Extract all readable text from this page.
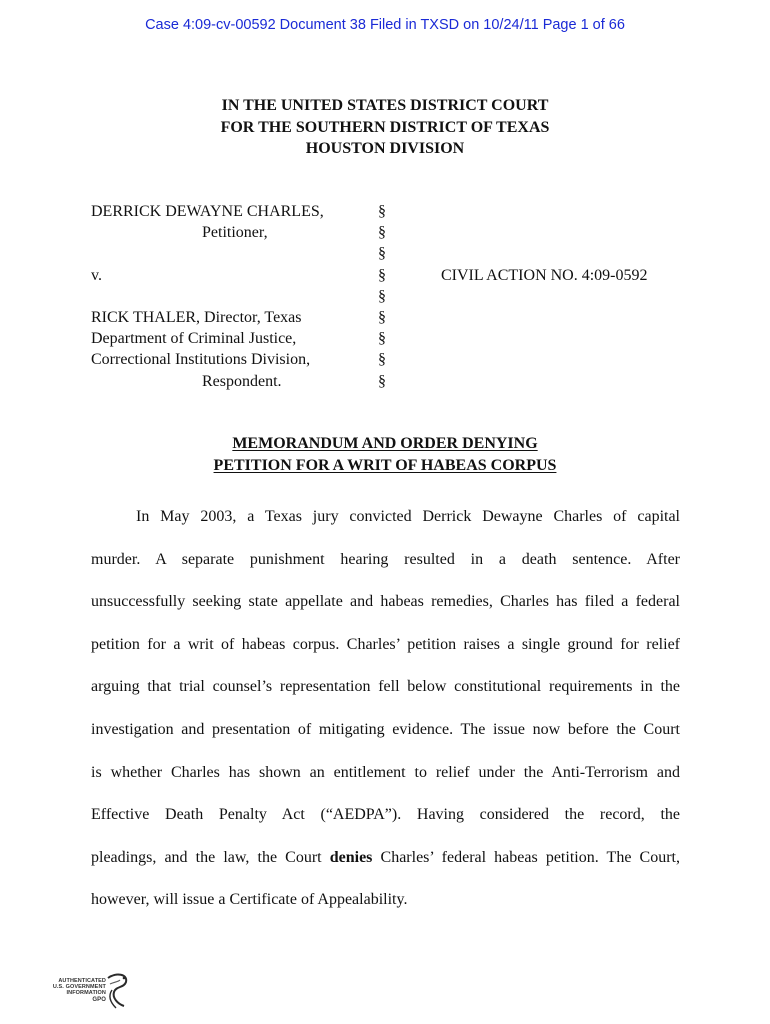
Case 4:09-cv-00592 Document 38 Filed in TXSD on 10/24/11 Page 1 of 66
IN THE UNITED STATES DISTRICT COURT
FOR THE SOUTHERN DISTRICT OF TEXAS
HOUSTON DIVISION
DERRICK DEWAYNE CHARLES,
Petitioner,
v.
RICK THALER, Director, Texas
Department of Criminal Justice,
Correctional Institutions Division,
Respondent.
§
§
§
§
§
§
§
§
§
CIVIL ACTION NO. 4:09-0592
MEMORANDUM AND ORDER DENYING
PETITION FOR A WRIT OF HABEAS CORPUS
In May 2003, a Texas jury convicted Derrick Dewayne Charles of capital
murder. A separate punishment hearing resulted in a death sentence. After
unsuccessfully seeking state appellate and habeas remedies, Charles has filed a federal
petition for a writ of habeas corpus. Charles’ petition raises a single ground for relief
arguing that trial counsel’s representation fell below constitutional requirements in the
investigation and presentation of mitigating evidence. The issue now before the Court
is whether Charles has shown an entitlement to relief under the Anti-Terrorism and
Effective Death Penalty Act (“AEDPA”). Having considered the record, the
pleadings, and the law, the Court denies Charles’ federal habeas petition. The Court,
however, will issue a Certificate of Appealability.
AUTHENTICATED
U.S. GOVERNMENT
INFORMATION
GPO
